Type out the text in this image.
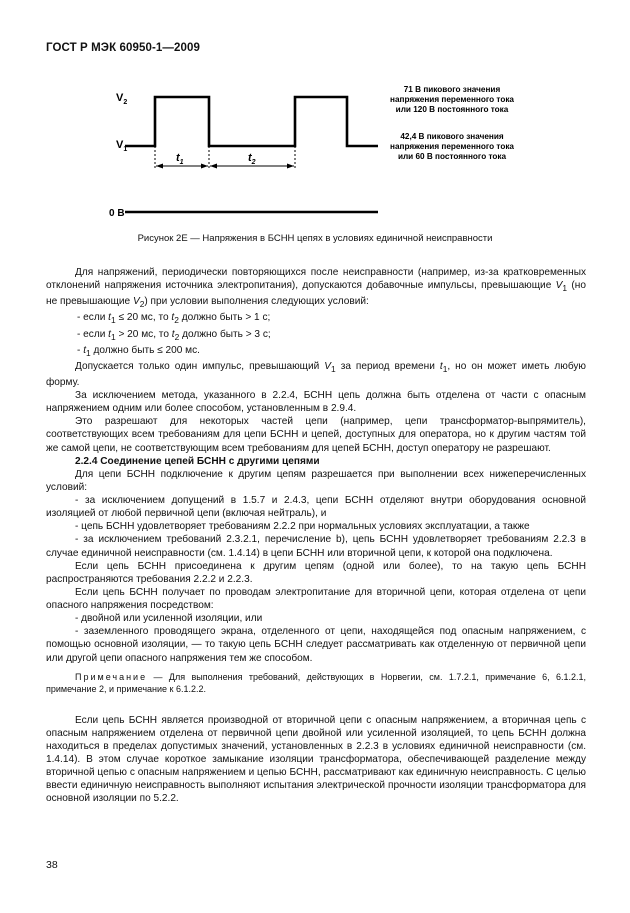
ГОСТ Р МЭК 60950-1—2009
$V_2$
$V_1$
0 В
$t_1$	$t_2$
71 В пикового значения
напряжения переменного тока
или 120 В постоянного тока
42,4 В пикового значения
напряжения переменного тока
или 60 В постоянного тока
Рисунок 2Е — Напряжения в БСНН цепях в условиях единичной неисправности

Для напряжений, периодически повторяющихся после неисправности (например, из-за кратковременных отклонений напряжения источника электропитания), допускаются добавочные импульсы, превышающие $V_1$ (но не превышающие $V_2$) при условии выполнения следующих условий:

- если $t_1 \le 20$ мс, то $t_2$ должно быть > 1 с;

- если $t_1 > 20$ мс, то $t_2$ должно быть > 3 с;

- $t_1$ должно быть ≤ 200 мс.

Допускается только один импульс, превышающий $V_1$ за период времени $t_1$, но он может иметь любую форму.

За исключением метода, указанного в 2.2.4, БСНН цепь должна быть отделена от части с опасным напряжением одним или более способом, установленным в 2.9.4.

Это разрешают для некоторых частей цепи (например, цепи трансформатор-выпрямитель), соответствующих всем требованиям для цепи БСНН и цепей, доступных для оператора, но к другим частям той же самой цепи, не соответствующим всем требованиям для цепей БСНН, доступ оператору не разрешают.

2.2.4 Соединение цепей БСНН с другими цепями

Для цепи БСНН подключение к другим цепям разрешается при выполнении всех нижеперечисленных условий:

- за исключением допущений в 1.5.7 и 2.4.3, цепи БСНН отделяют внутри оборудования основной изоляцией от любой первичной цепи (включая нейтраль), и

- цепь БСНН удовлетворяет требованиям 2.2.2 при нормальных условиях эксплуатации, а также

- за исключением требований 2.3.2.1, перечисление b), цепь БСНН удовлетворяет требованиям 2.2.3 в случае единичной неисправности (см. 1.4.14) в цепи БСНН или вторичной цепи, к которой она подключена.

Если цепь БСНН присоединена к другим цепям (одной или более), то на такую цепь БСНН распространяются требования 2.2.2 и 2.2.3.

Если цепь БСНН получает по проводам электропитание для вторичной цепи, которая отделена от цепи опасного напряжения посредством:

- двойной или усиленной изоляции, или

- заземленного проводящего экрана, отделенного от цепи, находящейся под опасным напряжением, с помощью основной изоляции, — то такую цепь БСНН следует рассматривать как отделенную от первичной цепи или другой цепи опасного напряжения тем же способом.

Примечание — Для выполнения требований, действующих в Норвегии, см. 1.7.2.1, примечание 6, 6.1.2.1, примечание 2, и примечание к 6.1.2.2.

Если цепь БСНН является производной от вторичной цепи с опасным напряжением, а вторичная цепь с опасным напряжением отделена от первичной цепи двойной или усиленной изоляцией, то цепь БСНН должна находиться в пределах допустимых значений, установленных в 2.2.3 в условиях единичной неисправности (см. 1.4.14). В этом случае короткое замыкание изоляции трансформатора, обеспечивающей разделение между вторичной цепью с опасным напряжением и цепью БСНН, рассматривают как единичную неисправность. С целью ввести единичную неисправность выполняют испытания электрической прочности изоляции трансформатора для основной изоляции по 5.2.2.

38
